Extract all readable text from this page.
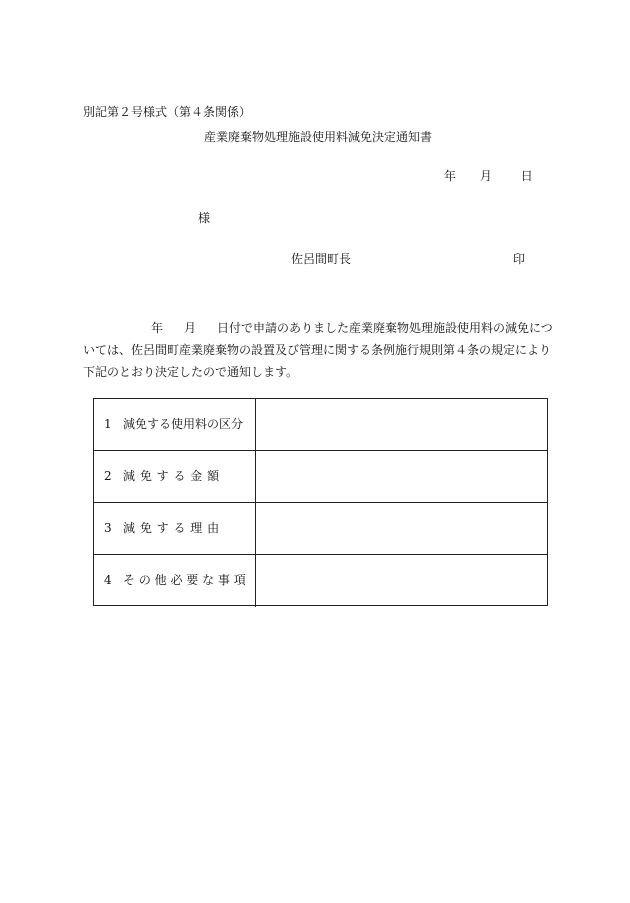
別記第２号様式（第４条関係）
産業廃棄物処理施設使用料減免決定通知書
年 月 日
様
佐呂間町長	印
年 月 日付で申請のありました産業廃棄物処理施設使用料の減免につ
いては、佐呂間町産業廃棄物の設置及び管理に関する条例施行規則第４条の規定により
下記のとおり決定したので通知します。
1 減免する使用料の区分
2 減 免 す る 金 額
3 減 免 す る 理 由
4 そ の 他 必 要 な 事 項
